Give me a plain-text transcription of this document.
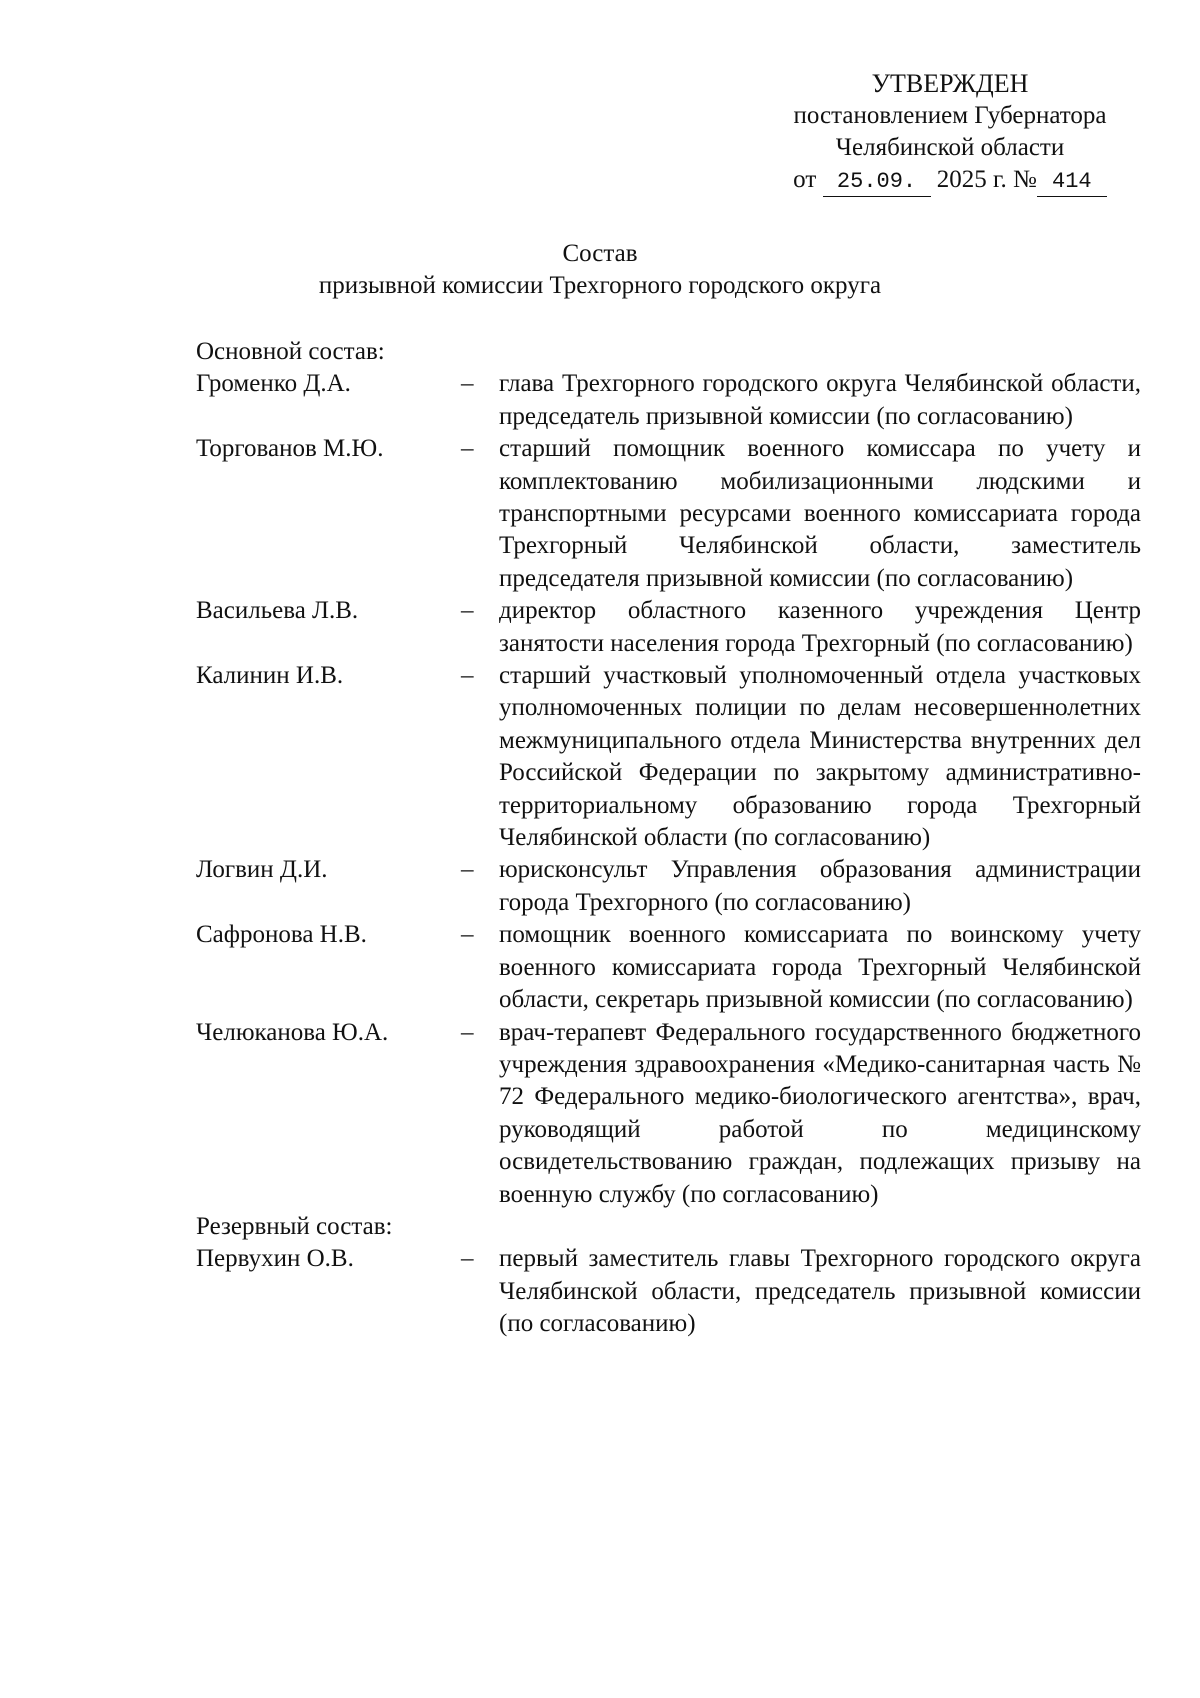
УТВЕРЖДЕН
постановлением Губернатора
Челябинской области
от 25.09. 2025 г. № 414
Состав
призывной комиссии Трехгорного городского округа
Основной состав:
Громенко Д.А.	–	глава Трехгорного городского округа Челябинской области, председатель призывной комиссии (по согласованию)
Торгованов М.Ю.	–	старший помощник военного комиссара по учету и комплектованию мобилизационными людскими и транспортными ресурсами военного комиссариата города Трехгорный Челябинской области, заместитель председателя призывной комиссии (по согласованию)
Васильева Л.В.	–	директор областного казенного учреждения Центр занятости населения города Трехгорный (по согласованию)
Калинин И.В.	–	старший участковый уполномоченный отдела участковых уполномоченных полиции по делам несовершеннолетних межмуниципального отдела Министерства внутренних дел Российской Федерации по закрытому административно-территориальному образованию города Трехгорный Челябинской области (по согласованию)
Логвин Д.И.	–	юрисконсульт Управления образования администрации города Трехгорного (по согласованию)
Сафронова Н.В.	–	помощник военного комиссариата по воинскому учету военного комиссариата города Трехгорный Челябинской области, секретарь призывной комиссии (по согласованию)
Челюканова Ю.А.	–	врач-терапевт Федерального государственного бюджетного учреждения здравоохранения «Медико-санитарная часть № 72 Федерального медико-биологического агентства», врач, руководящий работой по медицинскому освидетельствованию граждан, подлежащих призыву на военную службу (по согласованию)
Резервный состав:
Первухин О.В.	–	первый заместитель главы Трехгорного городского округа Челябинской области, председатель призывной комиссии (по согласованию)
